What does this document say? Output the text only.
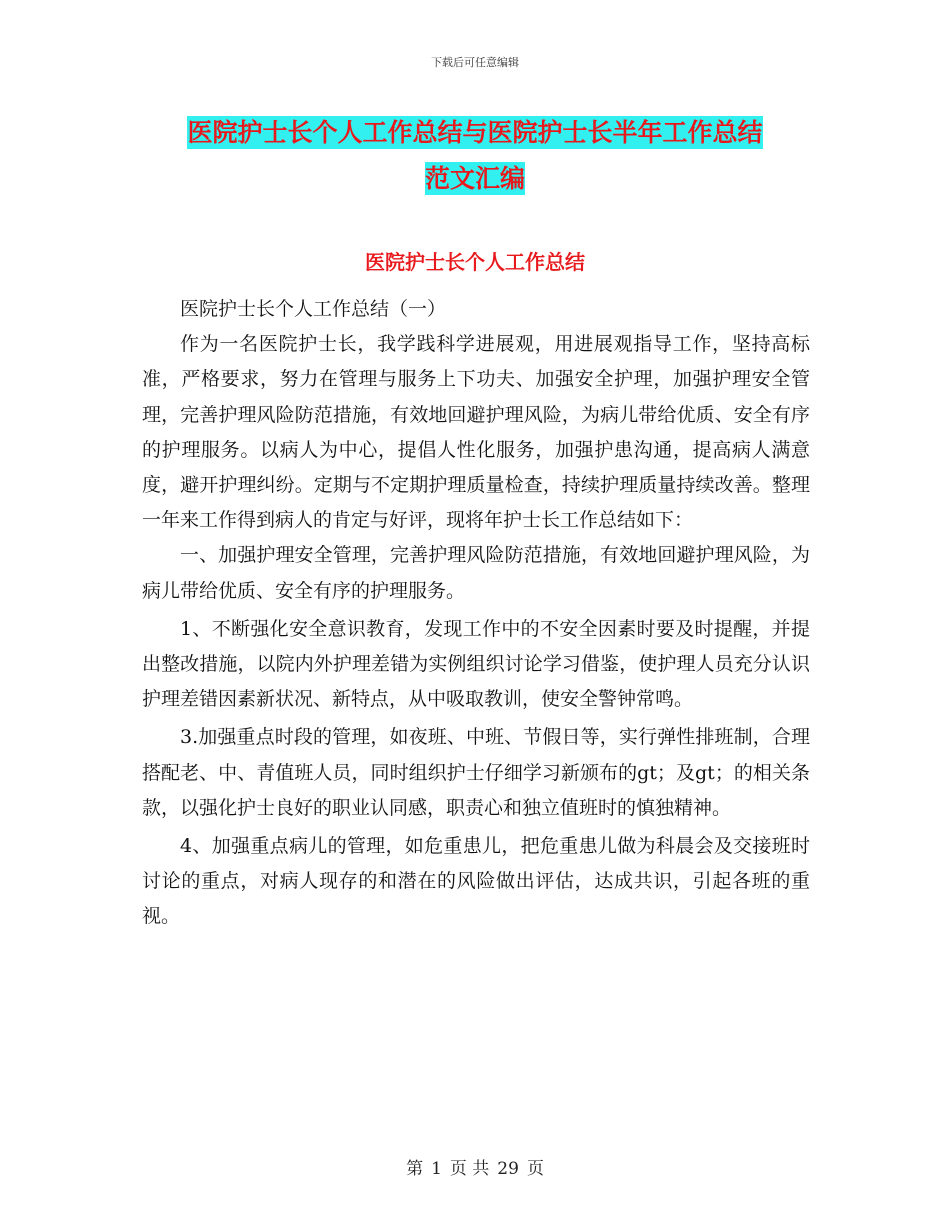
下载后可任意编辑
医院护士长个人工作总结与医院护士长半年工作总结
范文汇编
医院护士长个人工作总结

医院护士长个人工作总结（一）

作为一名医院护士长，我学践科学进展观，用进展观指导工作，坚持高标准，严格要求，努力在管理与服务上下功夫、加强安全护理，加强护理安全管理，完善护理风险防范措施，有效地回避护理风险，为病儿带给优质、安全有序的护理服务。以病人为中心，提倡人性化服务，加强护患沟通，提高病人满意度，避开护理纠纷。定期与不定期护理质量检查，持续护理质量持续改善。整理一年来工作得到病人的肯定与好评，现将年护士长工作总结如下：

一、加强护理安全管理，完善护理风险防范措施，有效地回避护理风险，为病儿带给优质、安全有序的护理服务。

1、不断强化安全意识教育，发现工作中的不安全因素时要及时提醒，并提出整改措施，以院内外护理差错为实例组织讨论学习借鉴，使护理人员充分认识护理差错因素新状况、新特点，从中吸取教训，使安全警钟常鸣。

3.加强重点时段的管理，如夜班、中班、节假日等，实行弹性排班制，合理搭配老、中、青值班人员，同时组织护士仔细学习新颁布的gt；及gt；的相关条款，以强化护士良好的职业认同感，职责心和独立值班时的慎独精神。

4、加强重点病儿的管理，如危重患儿，把危重患儿做为科晨会及交接班时讨论的重点，对病人现存的和潜在的风险做出评估，达成共识，引起各班的重视。

第 1 页 共 29 页
